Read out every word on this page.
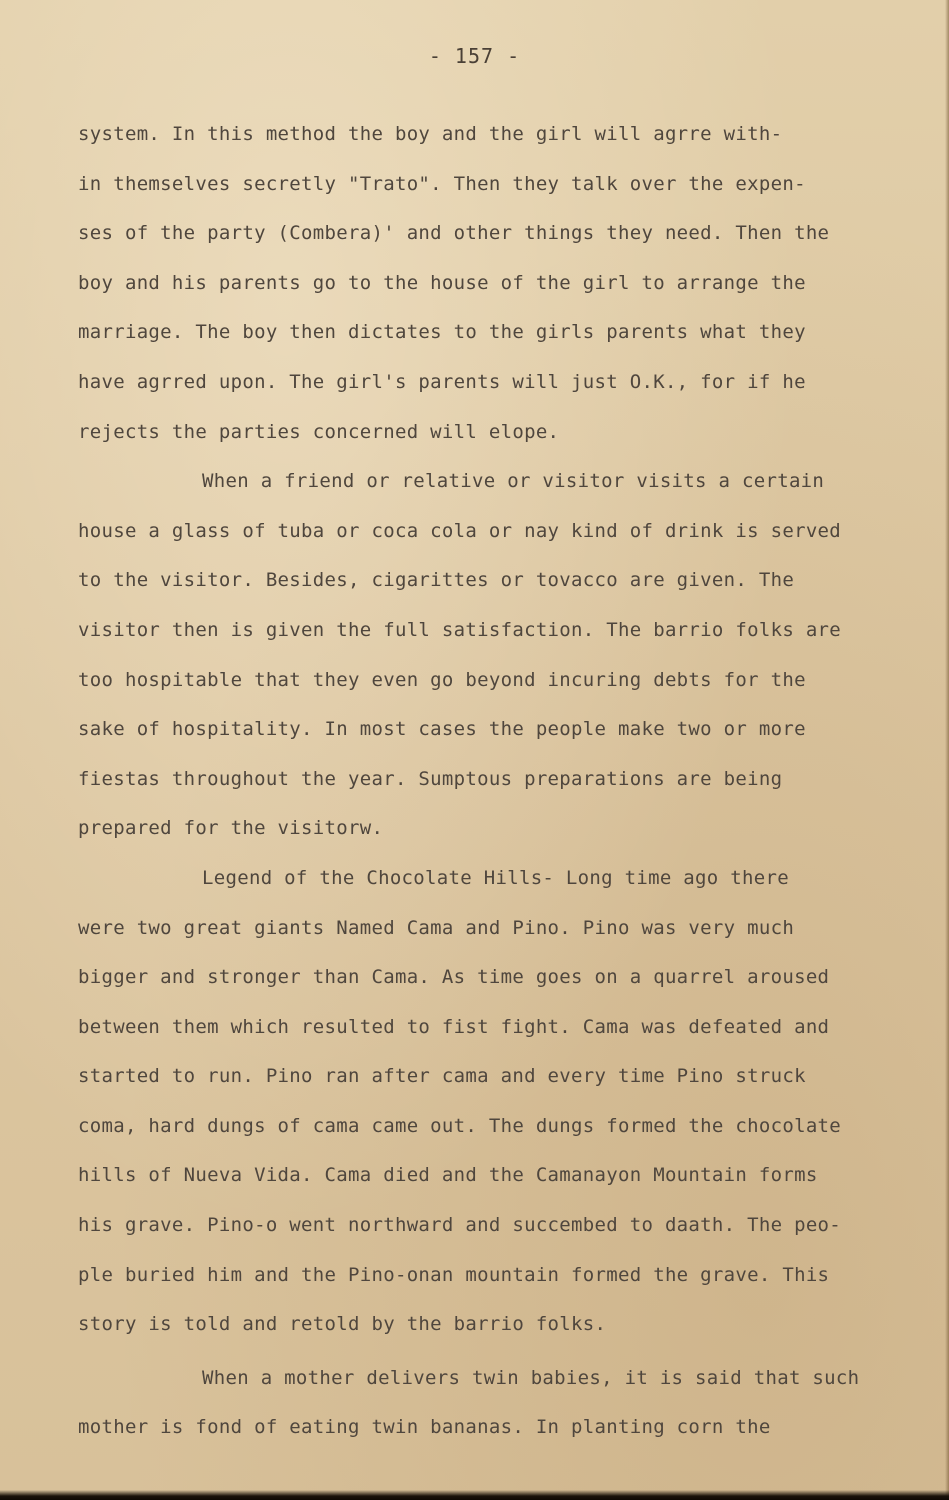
- 157 -
system. In this method the boy and the girl will agrre with-
in themselves secretly "Trato". Then they talk over the expen-
ses of the party (Combera)' and other things they need. Then the
boy and his parents go to the house of the girl to arrange the
marriage. The boy then dictates to the girls parents what they
have agrred upon. The girl's parents will just O.K., for if he
rejects the parties concerned will elope.
When a friend or relative or visitor visits a certain
house a glass of tuba or coca cola or nay kind of drink is served
to the visitor. Besides, cigarittes or tovacco are given. The
visitor then is given the full satisfaction. The barrio folks are
too hospitable that they even go beyond incuring debts for the
sake of hospitality. In most cases the people make two or more
fiestas throughout the year. Sumptous preparations are being
prepared for the visitorw.
Legend of the Chocolate Hills- Long time ago there
were two great giants Named Cama and Pino. Pino was very much
bigger and stronger than Cama. As time goes on a quarrel aroused
between them which resulted to fist fight. Cama was defeated and
started to run. Pino ran after cama and every time Pino struck
coma, hard dungs of cama came out. The dungs formed the chocolate
hills of Nueva Vida. Cama died and the Camanayon Mountain forms
his grave. Pino-o went northward and succembed to daath. The peo-
ple buried him and the Pino-onan mountain formed the grave. This
story is told and retold by the barrio folks.
When a mother delivers twin babies, it is said that such
mother is fond of eating twin bananas. In planting corn the
